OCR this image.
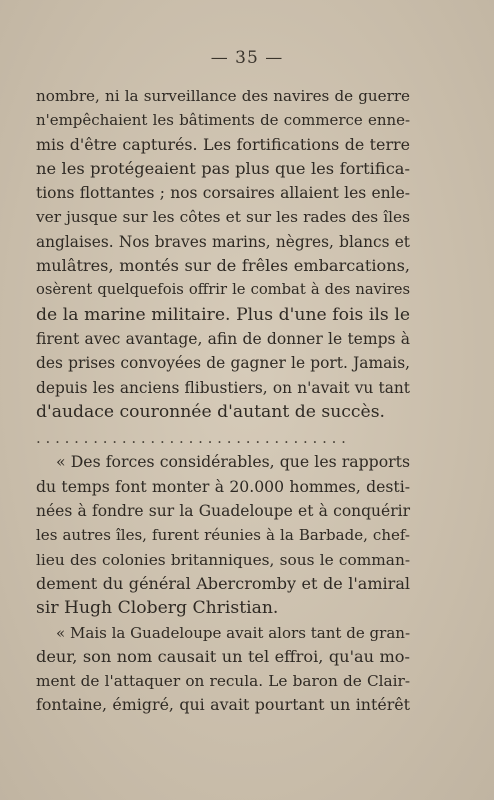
— 35 —
nombre, ni la surveillance des navires de guerre
n'empêchaient les bâtiments de commerce enne-
mis d'être capturés. Les fortifications de terre
ne les protégeaient pas plus que les fortifica-
tions flottantes ; nos corsaires allaient les enle-
ver jusque sur les côtes et sur les rades des îles
anglaises. Nos braves marins, nègres, blancs et
mulâtres, montés sur de frêles embarcations,
osèrent quelquefois offrir le combat à des navires
de la marine militaire. Plus d'une fois ils le
firent avec avantage, afin de donner le temps à
des prises convoyées de gagner le port. Jamais,
depuis les anciens flibustiers, on n'avait vu tant
d'audace couronnée d'autant de succès.
. . . . . . . . . . . . . . . . . . . . . . . . . . . . . . . . .
« Des forces considérables, que les rapports
du temps font monter à 20.000 hommes, desti-
nées à fondre sur la Guadeloupe et à conquérir
les autres îles, furent réunies à la Barbade, chef-
lieu des colonies britanniques, sous le comman-
dement du général Abercromby et de l'amiral
sir Hugh Cloberg Christian.
« Mais la Guadeloupe avait alors tant de gran-
deur, son nom causait un tel effroi, qu'au mo-
ment de l'attaquer on recula. Le baron de Clair-
fontaine, émigré, qui avait pourtant un intérêt
